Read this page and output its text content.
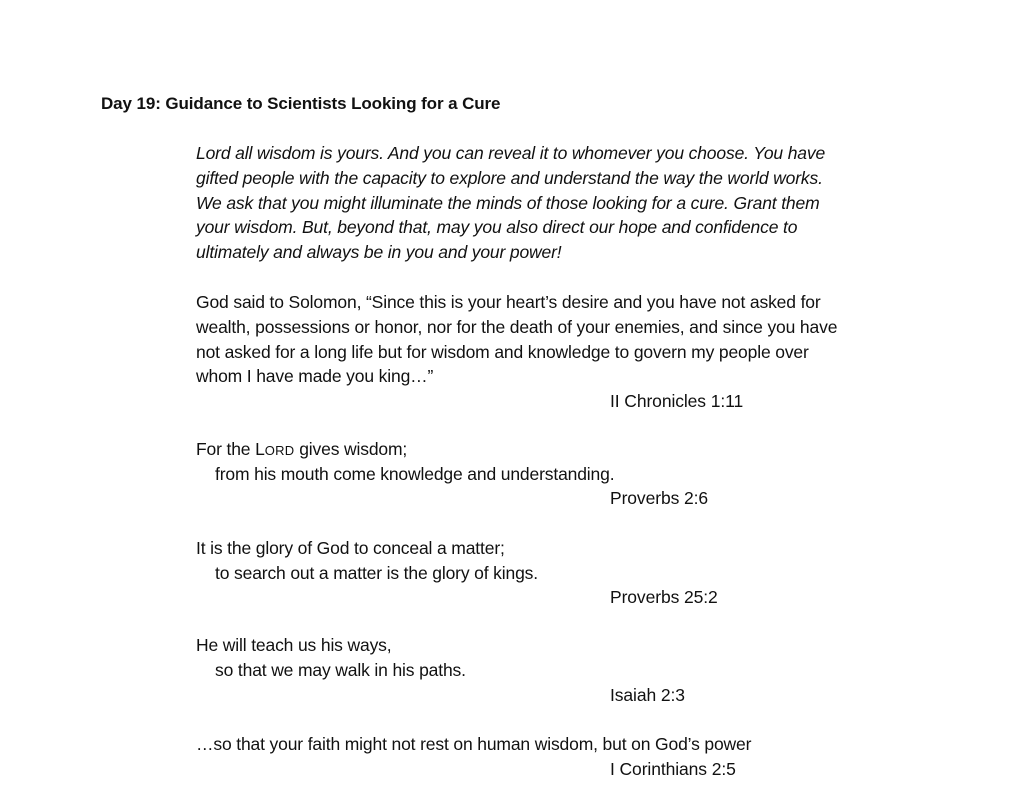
Day 19: Guidance to Scientists Looking for a Cure
Lord all wisdom is yours. And you can reveal it to whomever you choose. You have
gifted people with the capacity to explore and understand the way the world works.
We ask that you might illuminate the minds of those looking for a cure. Grant them
your wisdom. But, beyond that, may you also direct our hope and confidence to
ultimately and always be in you and your power!
God said to Solomon, “Since this is your heart’s desire and you have not asked for
wealth, possessions or honor, nor for the death of your enemies, and since you have
not asked for a long life but for wisdom and knowledge to govern my people over
whom I have made you king…”
II Chronicles 1:11
For the LORD gives wisdom;
from his mouth come knowledge and understanding.
Proverbs 2:6
It is the glory of God to conceal a matter;
to search out a matter is the glory of kings.
Proverbs 25:2
He will teach us his ways,
so that we may walk in his paths.
Isaiah 2:3
…so that your faith might not rest on human wisdom, but on God’s power
I Corinthians 2:5
